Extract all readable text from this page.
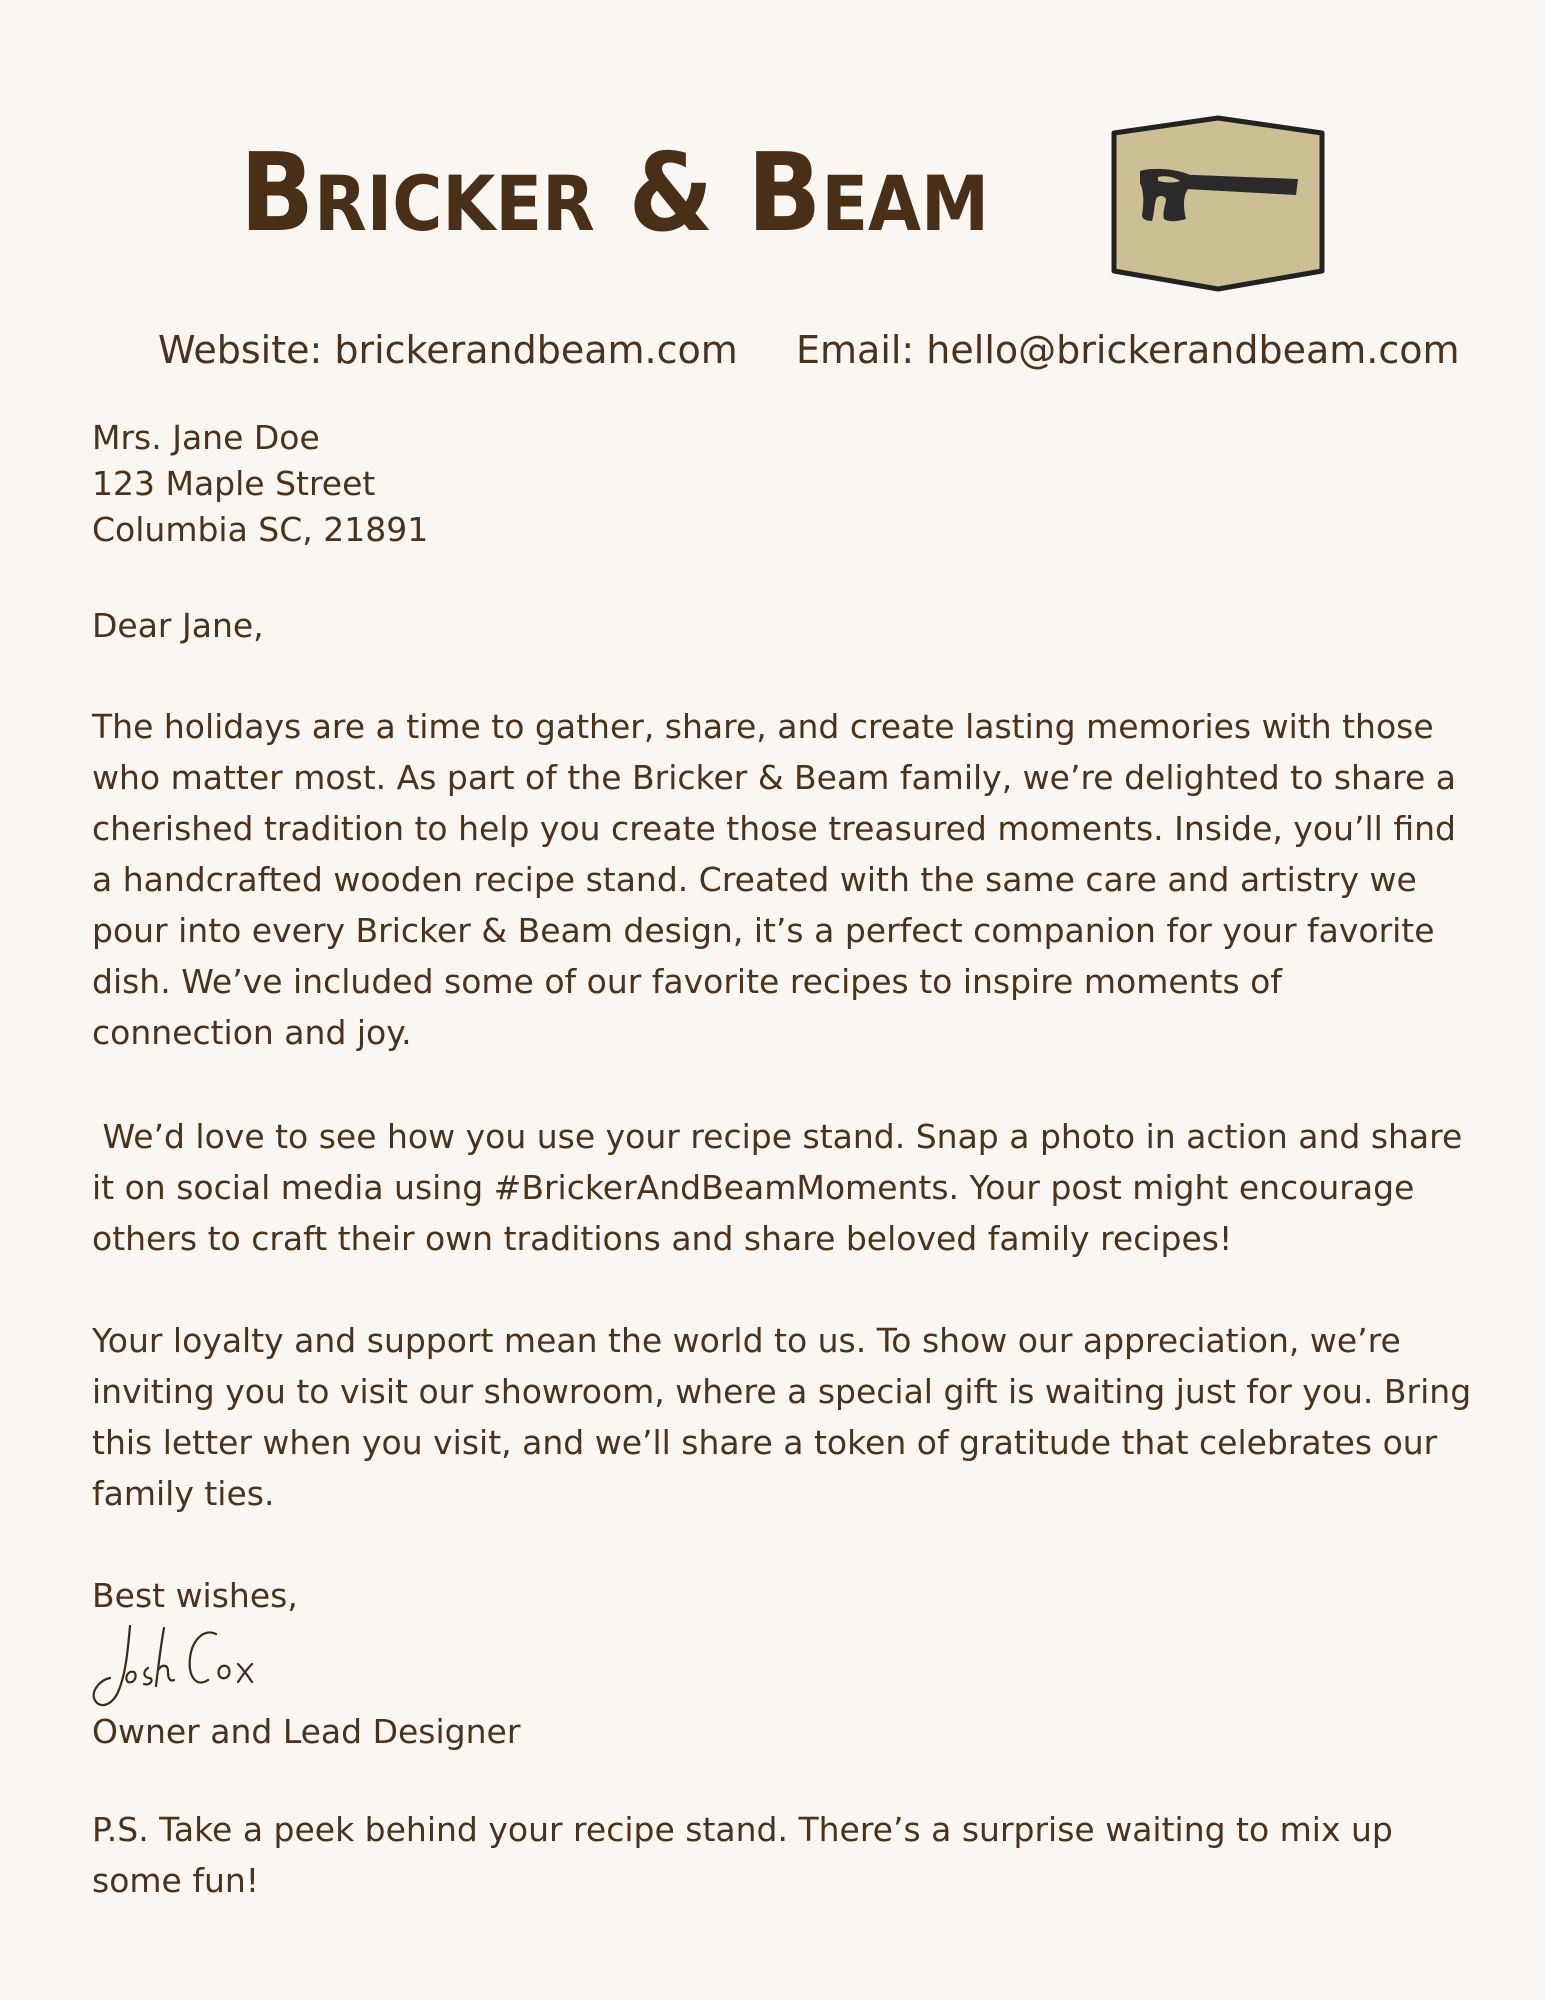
Bricker & Beam
Website: brickerandbeam.com Email: hello@brickerandbeam.com
Mrs. Jane Doe
123 Maple Street
Columbia SC, 21891
Dear Jane,
The holidays are a time to gather, share, and create lasting memories with those who matter most. As part of the Bricker & Beam family, we’re delighted to share a cherished tradition to help you create those treasured moments. Inside, you’ll find a handcrafted wooden recipe stand. Created with the same care and artistry we pour into every Bricker & Beam design, it’s a perfect companion for your favorite dish. We’ve included some of our favorite recipes to inspire moments of connection and joy.
We’d love to see how you use your recipe stand. Snap a photo in action and share it on social media using #BrickerAndBeamMoments. Your post might encourage others to craft their own traditions and share beloved family recipes!
Your loyalty and support mean the world to us. To show our appreciation, we’re inviting you to visit our showroom, where a special gift is waiting just for you. Bring this letter when you visit, and we’ll share a token of gratitude that celebrates our family ties.
Best wishes,
Owner and Lead Designer
P.S. Take a peek behind your recipe stand. There’s a surprise waiting to mix up some fun!
